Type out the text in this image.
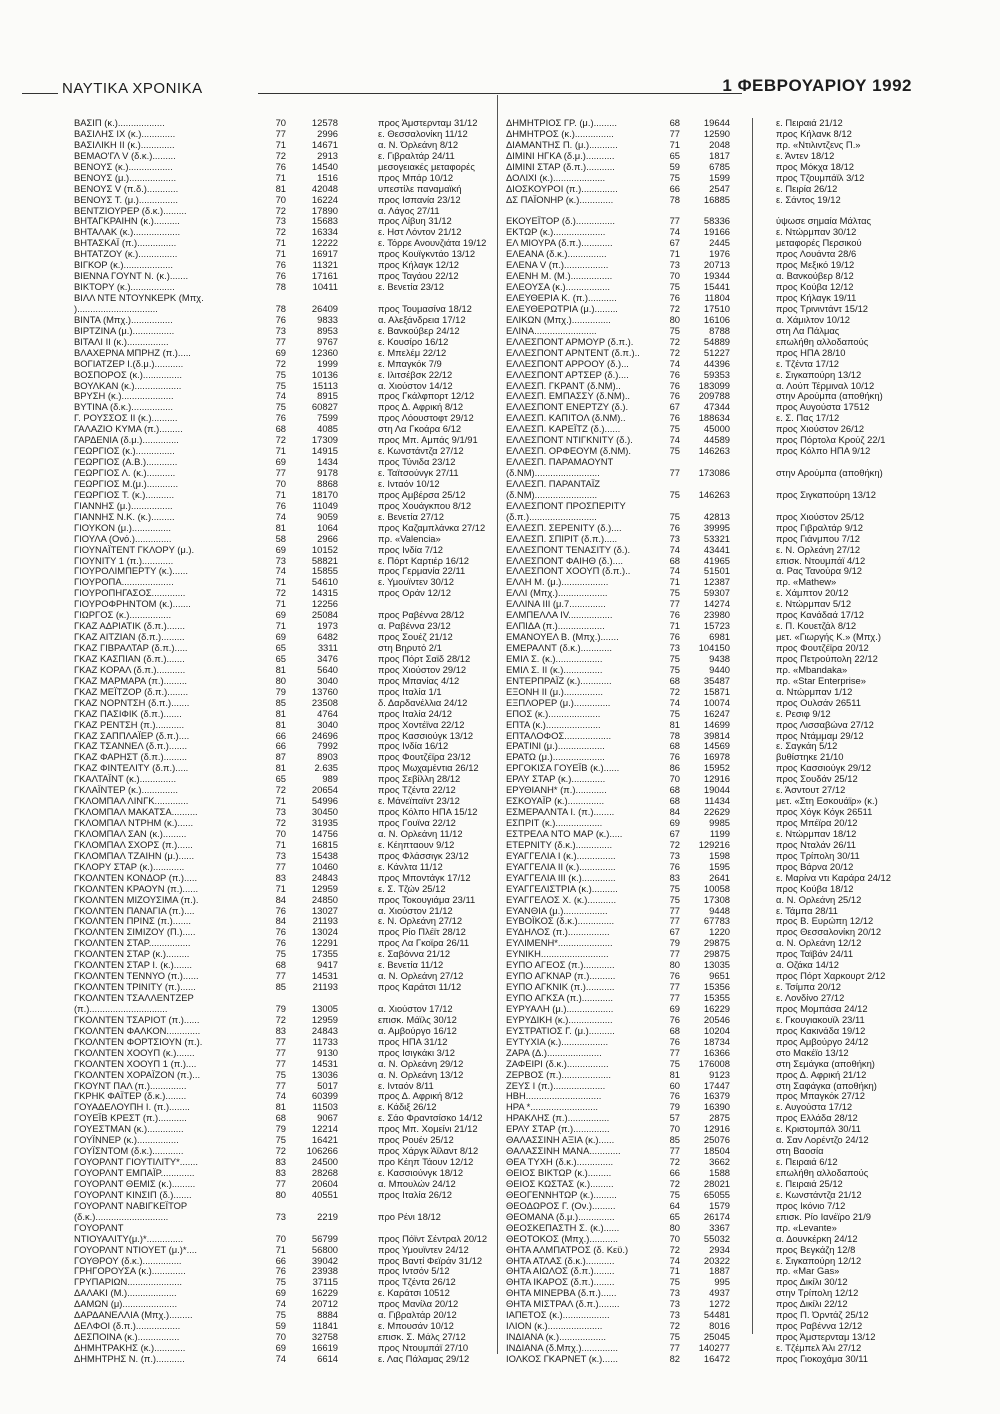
ΝΑΥΤΙΚΑ ΧΡΟΝΙΚΑ	1 ΦΕΒΡΟΥΑΡΙΟΥ 1992
ΒΑΣΙΠ (κ.)..................	70	12578	προς Άμστερνταμ 31/12
ΒΑΣΙΛΗΣ ΙΧ (κ.).............	77	2996	ε. Θεσσαλονίκη 11/12
ΒΑΣΙΛΙΚΗ ΙΙ (κ.).............	71	14671	α. Ν. Όρλεάνη 8/12
ΒΕΜΑΟ'ΓΛ V (δ.κ.).........	72	2913	ε. Γιβραλτάρ 24/11
ΒΕΝΟΥΣ (κ.).................	76	14540	μεσογειακές μεταφορές
ΒΕΝΟΥΣ (μ.)..................	71	1516	προς Μπάρ 10/12
ΒΕΝΟΥΣ V (π.δ.)............	81	42048	υπεστίλε παναμαϊκή
ΒΕΝΟΥΣ Τ. (μ.)...............	70	16224	προς Ισπανία 23/12
ΒΕΝΤΖΙΟΥΡΕΡ (δ.κ.).........	72	17890	α. Λάγος 27/11
ΒΗΤΑΓΚΡΑΙΗΝ (κ.)..........	73	15683	προς Λίβυη 31/12
ΒΗΤΑΛΑΚ (κ.)..................	72	16334	ε. Ηστ Λόντον 21/12
ΒΗΤΑΣΚΑΪ (π.)...............	71	12222	ε. Τόρρε Ανουνζιάτα 19/12
ΒΗΤΑΤΖΟΥ (κ.)...............	71	16917	προς Κουϊγκντάο 13/12
ΒΙΓΚΟΡ (κ.)...................	76	11321	προς Κήλαγκ 12/12
ΒΙΕΝΝΑ ΓΟΥΝΤ Ν. (κ.).......	76	17161	προς Ταγάου 22/12
ΒΙΚΤΟΡΥ (κ.).................	78	10411	ε. Βενετία 23/12
ΒΙΛΛ ΝΤΕ ΝΤΟΥΝΚΕΡΚ (Μπχ.
)...............................	78	26409	προς Τουμασίνα 18/12
ΒΙΝΤΑ (Μπχ.)................	76	9833	α. Αλεξάνδρεια 17/12
ΒΙΡΤΖΙΝΑ (μ.)................	73	8953	ε. Βανκούβερ 24/12
ΒΙΤΑΛΙ ΙΙ (κ.)................	77	9767	ε. Κουσίρο 16/12
ΒΛΑΧΕΡΝΑ ΜΠΡΗΖ (π.).....	69	12360	ε. Μπελέμ 22/12
ΒΟΓΙΑΤΖΕΡ Ι.(δ.μ.)...........	72	1999	ε. Μπαγκόκ 7/9
ΒΟΣΠΟΡΟΣ (κ.)...............	75	10136	ε. Ιλιτσέβσκ 22/12
ΒΟΥΛΚΑΝ (κ.)..................	75	15113	α. Χιούστον 14/12
ΒΡΥΣΗ (κ.)....................	74	8915	προς Γκάλφπορτ 12/12
ΒΥΤΙΝΑ (δ.κ.)................	75	60827	προς Δ. Αφρική 8/12
Γ. ΡΟΥΣΣΟΣ ΙΙ (κ.)..........	76	7599	προς Λόουστοφτ 29/12
ΓΑΛΑΖΙΟ ΚΥΜΑ (π.).........	68	4085	στη Λα Γκοάρα 6/12
ΓΑΡΔΕΝΙΑ (δ.μ.)..............	72	17309	προς Μπ. Αμπάς 9/1/91
ΓΕΩΡΓΙΟΣ (κ.)...............	71	14915	ε. Κωνστάντζα 27/12
ΓΕΩΡΓΙΟΣ (Α.Β.)............	69	1434	προς Τύνιδα 23/12
ΓΕΩΡΓΙΟΣ Λ. (κ.)...........	77	9178	ε. Ταϊτσούνγκ 27/11
ΓΕΩΡΓΙΟΣ Μ.(μ.)............	70	8868	ε. Ινταόν 10/12
ΓΕΩΡΓΙΟΣ Τ. (κ.)...........	71	18170	προς Αμβέρσα 25/12
ΓΙΑΝΝΗΣ (μ.)................	76	11049	προς Χουάγκπου 8/12
ΓΙΑΝΝΗΣ Ν.Κ. (κ.).........	74	9059	ε. Βενετία 27/12
ΓΙΟΥΚΟΝ (μ.)...............	81	1064	προς Καζαμπλάνκα 27/12
ΓΙΟΥΛΑ (Ονό.)..............	58	2966	πρ. «Valencia»
ΓΙΟΥΝΑΪΤΕΝΤ ΓΚΛΟΡΥ (μ.).	69	10152	προς Ινδία 7/12
ΓΙΟΥΝΙΤΥ 1 (π.)............	73	58821	ε. Πόρτ Καρτιέρ 16/12
ΓΙΟΥΡΟΛΙΜΠΕΡΤΥ (κ.)......	74	15855	προς Γερμανία 22/11
ΓΙΟΥΡΟΠΑ....................	71	54610	ε. Υμουϊντεν 30/12
ΓΙΟΥΡΟΠΗΓΑΣΟΣ.............	72	14315	προς Οράν 12/12
ΓΙΟΥΡΟΦΡΗΝΤΟΜ (κ.).......	71	12256
ΓΙΩΡΓΟΣ (κ.)................	69	25084	προς Ραβέννα 28/12
ΓΚΑΖ ΑΔΡΙΑΤΙΚ (δ.π.).......	71	1973	α. Ραβέννα 23/12
ΓΚΑΖ ΑΙΤΖΙΑΝ (δ.π.).........	69	6482	προς Σουέζ 21/12
ΓΚΑΖ ΓΙΒΡΑΛΤΑΡ (δ.π.).....	65	3311	στη Βηρυτό 2/1
ΓΚΑΖ ΚΑΣΠΙΑΝ (δ.π.).......	65	3476	προς Πόρτ Σαϊδ 28/12
ΓΚΑΖ ΚΟΡΑΛ (δ.π.)...........	81	5640	προς Χιούστον 29/12
ΓΚΑΖ ΜΑΡΜΑΡΑ (π.).........	80	3040	προς Μπανίας 4/12
ΓΚΑΖ ΜΕΪΤΖΟΡ (δ.π.)........	79	13760	προς Ιταλία 1/1
ΓΚΑΖ ΝΟΡΝΤΣΗ (δ.π.).......	85	23508	δ. Δαρδανέλλια 24/12
ΓΚΑΖ ΠΑΣΙΦΙΚ (δ.π.).......	81	4764	προς Ιταλία 24/12
ΓΚΑΖ ΡΕΝΤΣΗ (π.)...........	81	3040	προς Χοντέϊνα 22/12
ΓΚΑΖ ΣΑΠΠΛΑΪΕΡ (δ.π.)....	66	24696	προς Κασσιούγκ 13/12
ΓΚΑΖ ΤΣΑΝΝΕΛ (δ.π.).......	66	7992	προς Ινδία 16/12
ΓΚΑΖ ΦΑΡΗΣΤ (δ.π.).........	87	8903	προς Φουτζέϊρα 23/12
ΓΚΑΖ ΦΙΝΤΕΛΙΤΥ (δ.π.).....	81	2.635	προς Μωχαμέντια 26/12
ΓΚΑΛΤΑΪΝΤ (κ.)..............	65	989	προς Σεβίλλη 28/12
ΓΚΛΑΪΝΤΕΡ (κ.)..............	72	20654	προς Τζέντα 22/12
ΓΚΛΟΜΠΑΛ ΛΙΝΓΚ.............	71	54996	ε. Μάνεϊπαϊντ 23/12
ΓΚΛΟΜΠΑΛ ΜΑΚΑΤΣΑ..........	73	30450	προς Κόλπο ΗΠΑ 15/12
ΓΚΛΟΜΠΑΛ ΝΤΡΗΜ (κ.)......	72	31935	προς Γουϊνα 22/12
ΓΚΛΟΜΠΑΛ ΣΑΝ (κ.).........	70	14756	α. Ν. Ορλεάνη 11/12
ΓΚΛΟΜΠΑΛ ΣΧΟΡΣ (π.)......	71	16815	ε. Κέηπταουν 9/12
ΓΚΛΟΜΠΑΛ ΤΖΑΙΗΝ (μ.)......	73	15438	προς Φλάσσιγκ 23/12
ΓΚΛΟΡΥ ΣΤΑΡ (κ.)............	77	10460	ε. Κάνλτα 11/12
ΓΚΟΛΝΤΕΝ ΚΟΝΔΟΡ (π.).....	83	24843	προς Μποντάγκ 17/12
ΓΚΟΛΝΤΕΝ ΚΡΑΟΥΝ (π.)......	71	12959	ε. Σ. Τζών 25/12
ΓΚΟΛΝΤΕΝ ΜΙΖΟΥΣΙΜΑ (π.).	84	24850	προς Τοκουγιάμα 23/11
ΓΚΟΛΝΤΕΝ ΠΑΝΑΓΙΑ (π.)....	76	13027	α. Χιούστον 21/12
ΓΚΟΛΝΤΕΝ ΠΡΙΝΣ (π.).......	84	21193	ε. Ν. Ορλεάνη 27/12
ΓΚΟΛΝΤΕΝ ΣΙΜΙΖΟΥ (Π.).....	76	13024	προς Ρίο Πλέϊτ 28/12
ΓΚΟΛΝΤΕΝ ΣΤΑΡ................	76	12291	προς Λα Γκοϊρα 26/11
ΓΚΟΛΝΤΕΝ ΣΤΑΡ (κ.).........	75	17355	ε. Σαβόννα 21/12
ΓΚΟΛΝΤΕΝ ΣΤΑΡ Ι. (κ.).......	68	9417	ε. Βενετία 11/12
ΓΚΟΛΝΤΕΝ ΤΕΝΝΥΟ (π.)......	77	14531	α. Ν. Ορλεάνη 27/12
ΓΚΟΛΝΤΕΝ ΤΡΙΝΙΤΥ (π.)......	85	21193	προς Καράτσι 11/12
ΓΚΟΛΝΤΕΝ ΤΣΑΛΛΕΝΤΖΕΡ
(π.)..............................	79	13005	α. Χιούστον 17/12
ΓΚΟΛΝΤΕΝ ΤΣΑΡΙΟΤ (π.)......	72	12959	επισκ. Μάϊλς 30/12
ΓΚΟΛΝΤΕΝ ΦΑΛΚΟΝ.............	83	24843	α. Αμβούργο 16/12
ΓΚΟΛΝΤΕΝ ΦΟΡΤΣΙΟΥΝ (π.).	77	11733	προς ΗΠΑ 31/12
ΓΚΟΛΝΤΕΝ ΧΟΟΥΠ (κ.).......	77	9130	προς Ισιγκάκι 3/12
ΓΚΟΛΝΤΕΝ ΧΟΟΥΠ 1 (π.)....	77	14531	α. Ν. Ορλεάνη 29/12
ΓΚΟΛΝΤΕΝ ΧΟΡΑΪΖΟΝ (π.)...	75	13036	α. Ν. Ορλεάνη 13/12
ΓΚΟΥΝΤ ΠΑΛ (π.)..............	77	5017	ε. Ινταόν 8/11
ΓΚΡΗΚ ΦΑΪΤΕΡ (δ.κ.)........	74	60399	προς Δ. Αφρική 8/12
ΓΟΥΑΔΕΛΟΥΠΗ Ι. (π.)........	81	11503	ε. Κάδιξ 26/12
ΓΟΥΕΪΒ ΚΡΕΣΤ (π.)...........	68	9067	ε. Σάο Φραντσίσκο 14/12
ΓΟΥΕΣΤΜΑΝ (κ.)..............	79	12214	προς Μπ. Χομείνι 21/12
ΓΟΥΪΝΝΕΡ (κ.)................	75	16421	προς Ρουέν 25/12
ΓΟΥΪΣΝΤΟΜ (δ.κ.)............	72	106266	προς Χάργκ Άϊλαντ 8/12
ΓΟΥΟΡΛΝΤ ΓΙΟΥΤΙΛΙΤΥ*.......	83	24500	προ Κέηπ Τάουν 12/12
ΓΟΥΟΡΛΝΤ ΕΜΠΑΪΡ.............	83	28268	ε. Κασσιούνγκ 18/12
ΓΟΥΟΡΛΝΤ ΘΕΜΙΣ (κ.).........	77	20604	α. Μπουλών 24/12
ΓΟΥΟΡΛΝΤ ΚΙΝΣΙΠ (δ.).......	80	40551	προς Ιταλία 26/12
ΓΟΥΟΡΛΝΤ ΝΑΒΙΓΚΕΪΤΟΡ
(δ.κ.)............................	73	2219	προ Ρένι 18/12
ΓΟΥΟΡΛΝΤ
ΝΤΙΟΥΑΛΙΤΥ(μ.)*..............	70	56799	προς Πόϊντ Σέντραλ 20/12
ΓΟΥΟΡΛΝΤ ΝΤΙΟΥΕΤ (μ.)*....	71	56800	προς Υμουϊντεν 24/12
ΓΟΥΘΡΟΥ (δ.κ.)...............	66	39042	προς Βαντί Φεϊράν 31/12
ΓΡΗΓΟΡΟΥΣΑ (κ.).............	76	23938	προς Ιντσόν 5/12
ΓΡΥΠΑΡΙΩΝ.....................	75	37115	προς Τζέντα 26/12
ΔΑΛΑΚΙ (Μ.)...................	69	16229	ε. Καράτσι 10512
ΔΑΜΩΝ (μ).....................	74	20712	προς Μανίλα 20/12
ΔΑΡΔΑΝΕΛΛΙΑ (Μπχ.).........	75	8884	α. Γιβραλτάρ 20/12
ΔΕΛΦΟΙ (δ.π.).................	59	11841	ε. Μπουσάν 10/12
ΔΕΣΠΟΙΝΑ (κ.)................	70	32758	επισκ. Σ. Μάλς 27/12
ΔΗΜΗΤΡΑΚΗΣ (κ.)............	69	16619	προς Ντουμπάϊ 27/10
ΔΗΜΗΤΡΗΣ Ν. (π.)...........	74	6614	ε. Λας Πάλαμας 29/12
ΔΗΜΗΤΡΙΟΣ ΓΡ. (μ.).........	68	19644	ε. Πειραιά 21/12
ΔΗΜΗΤΡΟΣ (κ.)...............	77	12590	προς Κήλανκ 8/12
ΔΙΑΜΑΝΤΗΣ Π. (μ.)...........	71	2048	πρ. «Ντιλιντζενς Π.»
ΔΙΜΙΝΙ ΗΓΚΑ (δ.μ.)...........	65	1817	ε. Άντεν 18/12
ΔΙΜΙΝΙ ΣΤΑΡ (δ.π.)...........	59	6785	προς Μόκχα 18/12
ΔΟΛΙΧΙ (κ.)....................	75	1599	προς Τζουμπάϊλ 3/12
ΔΙΟΣΚΟΥΡΟΙ (π.)..............	66	2547	ε. Πειρία 26/12
ΔΣ ΠΑΪΟΝΗΡ (κ.).............	78	16885	ε. Σάντος 19/12
ΕΚΟΥΕΪΤΟΡ (δ.)...............	77	58336	ύψωσε σημαία Μάλτας
ΕΚΤΩΡ (κ.)....................	74	19166	ε. Ντώρμπαν 30/12
ΕΛ ΜΙΟΥΡΑ (δ.π.)............	67	2445	μεταφορές Περσικού
ΕΛΕΑΝΑ (δ.κ.)...............	71	1976	προς Λουάντα 28/6
ΕΛΕΝΑ V (π.).................	73	20713	προς Μεξικό 19/12
ΕΛΕΝΗ Μ. (Μ.)................	70	19344	α. Βανκούβερ 8/12
ΕΛΕΟΥΣΑ (κ.).................	75	15441	προς Κούβα 12/12
ΕΛΕΥΘΕΡΙΑ Κ. (π.)...........	76	11804	προς Κήλαγκ 19/11
ΕΛΕΥΘΕΡΩΤΡΙΑ (μ.).........	72	17510	προς Τρινιντάντ 15/12
ΕΛΙΚΩΝ (Μπχ.)...............	80	16106	α. Χάμιλτον 10/12
ΕΛΙΝΑ........................	75	8788	στη Λα Πάλμας
ΕΛΛΕΣΠΟΝΤ ΑΡΜΟΥΡ (δ.π.).	72	54889	επωλήθη αλλοδαπούς
ΕΛΛΕΣΠΟΝΤ ΑΡΝΤΕΝΤ (δ.π.)..	72	51227	προς ΗΠΑ 28/10
ΕΛΛΕΣΠΟΝΤ ΑΡΡΟΟΥ (δ.)...	74	44396	ε. Τζέντα 17/12
ΕΛΛΕΣΠΟΝΤ ΑΡΤΣΕΡ (δ.)....	76	59353	ε. Σιγκαπούρη 13/12
ΕΛΛΕΣΠ. ΓΚΡΑΝΤ (δ.ΝΜ)..	76	183099	α. Λούπ Τέρμιναλ 10/12
ΕΛΛΕΣΠ. ΕΜΠΑΣΣΥ (δ.ΝΜ)..	76	209788	στην Αρούμπα (αποθήκη)
ΕΛΛΕΣΠΟΝΤ ΕΝΕΡΤΖΥ (δ.).	67	47344	προς Αυγούστα 17512
ΕΛΛΕΣΠ. ΚΑΠΙΤΟΛ (δ.ΝΜ)..	76	188634	ε. Σ. Πας 17/12
ΕΛΛΕΣΠ. ΚΑΡΕΪΤΖ (δ.)......	75	45000	προς Χιούστον 26/12
ΕΛΛΕΣΠΟΝΤ ΝΤΙΓΚΝΙΤΥ (δ.).	74	44589	προς Πόρτολα Κρούζ 22/1
ΕΛΛΕΣΠ. ΟΡΦΕΟΥΜ (δ.ΝΜ).	75	146263	προς Κόλπο ΗΠΑ 9/12
ΕΛΛΕΣΠ. ΠΑΡΑΜΑΟΥΝΤ
(δ.ΝΜ).........................	77	173086	στην Αρούμπα (αποθήκη)
ΕΛΛΕΣΠ. ΠΑΡΑΝΤΑΪΖ
(δ.ΝΜ)........................	75	146263	προς Σιγκαπούρη 13/12
ΕΛΛΕΣΠΟΝΤ ΠΡΟΣΠΕΡΙΤΥ
(δ.π.)..........................	75	42813	προς Χιούστον 25/12
ΕΛΛΕΣΠ. ΣΕΡΕΝΙΤΥ (δ.)....	76	39995	προς Γιβραλτάρ 9/12
ΕΛΛΕΣΠ. ΣΠΙΡΙΤ (δ.π.).....	73	53321	προς Γιάνμπου 7/12
ΕΛΛΕΣΠΟΝΤ ΤΕΝΑΣΙΤΥ (δ.).	74	43441	ε. Ν. Ορλεάνη 27/12
ΕΛΛΕΣΠΟΝΤ ΦΑΙΗΘ (δ.)....	68	41965	επισκ. Ντουμπάϊ 4/12
ΕΛΛΕΣΠΟΝΤ ΧΟΟΥΠ (δ.π.)..	74	51501	α. Ρας Τανούρα 9/12
ΕΛΛΗ Μ. (μ.)..................	71	12387	πρ. «Mathew»
ΕΛΛΙ (Μπχ.)...................	75	59307	ε. Χάμπτον 20/12
ΕΛΛΙΝΑ ΙΙΙ (μ.7..............	77	14274	ε. Ντώρμπαν 5/12
ΕΛΜΠΕΛΛΑ ΙV.................	76	23980	προς Κανάδαά 17/12
ΕΛΠΙΔΑ (π.)..................	71	15723	ε. Π. Κουετζάλ 8/12
ΕΜΑΝΟΥΕΛ Β. (Μπχ.).......	76	6981	μετ. «Γιωργής Κ.» (Μπχ.)
ΕΜΕΡΑΛΝΤ (δ.κ.)............	73	104150	προς Φουτζέϊρα 20/12
ΕΜΙΛ Σ. (κ.)..................	75	9438	προς Πετρούπολη 22/12
ΕΜΙΛ Σ. ΙΙ (κ.)...............	75	9440	πρ. «Mbandaka»
ΕΝΤΕΡΠΡΑΪΖ (κ.)............	68	35487	πρ. «Star Enterprise»
ΕΞΟΝΗ ΙΙ (μ.)...............	72	15871	α. Ντώρμπαν 1/12
ΕΞΠΛΟΡΕΡ (μ.)..............	74	10074	προς Ουλσάν 26511
ΕΠΟΣ (κ.)....................	75	16247	ε. Ρεσιφ 9/12
ΕΠΤΑ (κ.).....................	81	14699	προς Λισσαβώνα 27/12
ΕΠΤΑΛΟΦΟΣ..................	78	39814	προς Ντάμμαμ 29/12
ΕΡΑΤΙΝΙ (μ.)..................	68	14569	ε. Σαγκάη 5/12
ΕΡΑΤΩ (μ.)....................	76	16978	βυθίστηκε 21/10
ΕΡΓΟΚΙΣΑ ΓΟΥΕΪΒ (κ.)......	86	15952	προς Κασσιούγκ 29/12
ΕΡΛΥ ΣΤΑΡ (κ.).............	70	12916	προς Σουδάν 25/12
ΕΡΥΘΙΑΝΗ* (π.)............	68	19044	ε. Άσντουτ 27/12
ΕΣΚΟΥΑΪΡ (κ.)..............	68	11434	μετ. «Στη Εσκουάϊρ» (κ.)
ΕΣΜΕΡΑΛΝΤΑ Ι. (π.)........	84	22629	προς Χόγκ Κόγκ 26511
ΕΣΠΡΙΤ (κ.)..................	69	9985	προς Μπέϊρα 20/12
ΕΣΤΡΕΛΑ ΝΤΟ ΜΑΡ (κ.).....	67	1199	ε. Ντώρμπαν 18/12
ΕΤΕΡΝΙΤΥ (δ.κ.)..............	72	129216	προς Νταλάν 26/11
ΕΥΑΓΓΕΛΙΑ Ι (κ.)...............	73	1598	προς Τρίπολη 30/11
ΕΥΑΓΓΕΛΙΑ ΙΙ (κ.)..............	76	1595	προς Βάρνα 20/12
ΕΥΑΓΓΕΛΙΑ ΙΙΙ (κ.).............	83	2641	ε. Μαρίνα ντι Καράρα 24/12
ΕΥΑΓΓΕΛΙΣΤΡΙΑ (κ.)..........	75	10058	προς Κούβα 18/12
ΕΥΑΓΓΕΛΟΣ Χ. (κ.)...........	75	17308	α. Ν. Ορλεάνη 25/12
ΕΥΑΝΘΙΑ (μ.).................	77	9448	ε. Τάμπα 28/11
ΕΥΒΟΪΚΟΣ (δ.κ.)..............	77	67783	προς Β. Ευρώπη 12/12
ΕΥΔΗΛΟΣ (π.)................	67	1220	προς Θεσσαλονίκη 20/12
ΕΥΛΙΜΕΝΗ*.....................	79	29875	α. Ν. Ορλεάνη 12/12
ΕΥΝΙΚΗ..........................	77	29875	προς Ταϊβάν 24/11
ΕΥΠΟ ΑΓΕΟΣ (π.)............	80	13035	α. Οζάκα 14/12
ΕΥΠΟ ΑΓΚΝΑΡ (π.)..........	76	9651	προς Πόρτ Χαρκουρτ 2/12
ΕΥΠΟ ΑΓΚΝΙΚ (π.)...........	77	15356	ε. Τσίμπα 20/12
ΕΥΠΟ ΑΓΚΣΑ (π.)............	77	15355	ε. Λονδίνο 27/12
ΕΥΡΥΑΛΗ (μ.)..................	69	16229	προς Μομπάσα 24/12
ΕΥΡΥΔΙΚΗ (κ.).................	76	20546	ε. Γκουγιακουϊλ 23/11
ΕΥΣΤΡΑΤΙΟΣ Γ. (μ.)..........	68	10204	προς Κακινάδα 19/12
ΕΥΤΥΧΙΑ (κ.)..................	76	18734	προς Αμβούργο 24/12
ΖΑΡΑ (Δ.).....................	77	16366	στο Μακέϊο 13/12
ΖΑΦΕΙΡΙ (δ.κ.)................	75	176008	στη Σεμάγκα (αποθήκη)
ΖΕΡΒΟΣ (π.)...................	81	9123	προς Δ. Αφρική 21/12
ΖΕΥΣ Ι (π.)....................	60	17447	στη Σαφάγκα (αποθήκη)
ΗΒΗ.............................	76	16379	προς Μπαγκόκ 27/12
ΗΡΑ *..........................	79	16390	ε. Αυγούστα 17/12
ΗΡΑΚΛΗΣ (π.)................	57	2875	προς Ελλάδα 28/12
ΕΡΛΥ ΣΤΑΡ (π.)..............	70	12916	ε. Κριστομπάλ 30/11
ΘΑΛΑΣΣΙΝΗ ΑΞΙΑ (κ.)......	85	25076	α. Σαν Λορέντζο 24/12
ΘΑΛΑΣΣΙΝΗ ΜΑΝΑ............	77	18504	στη Βαοσία
ΘΕΑ ΤΥΧΗ (δ.κ.)..............	72	3662	ε. Πειραιά 6/12
ΘΕΙΟΣ ΒΙΚΤΩΡ (κ.).........	66	1588	επωλήθη αλλοδαπούς
ΘΕΙΟΣ ΚΩΣΤΑΣ (κ.).........	72	28021	ε. Πειραιά 25/12
ΘΕΟΓΕΝΝΗΤΩΡ (κ.).........	75	65055	ε. Κωνστάντζα 21/12
ΘΕΟΔΩΡΟΣ Γ. (Ον.).........	64	1579	προς Ικόνιο 7/12
ΘΕΟΜΑΝΑ (δ.μ.)..............	65	26174	επισκ. Ρίο Ιανέϊρο 21/9
ΘΕΟΣΚΕΠΑΣΤΗ Σ. (κ.)......	80	3367	πρ. «Levante»
ΘΕΟΤΟΚΟΣ (Μπχ.)...........	70	55032	α. Δουνκέρκη 24/12
ΘΗΤΑ ΑΛΜΠΑΤΡΟΣ (δ. Κεϋ.)	72	2934	προς Βεγκάζη 12/8
ΘΗΤΑ ΑΤΛΑΣ (δ.κ.)...........	74	20322	ε. Σιγκαπούρη 12/12
ΘΗΤΑ ΑΙΩΛΟΣ (δ.π.)........	71	1887	πρ. «Mar Gas»
ΘΗΤΑ ΙΚΑΡΟΣ (δ.π.)........	75	995	προς Δικίλι 30/12
ΘΗΤΑ ΜΙΝΕΡΒΑ (δ.π.)......	73	4937	στην Τρίπολη 12/12
ΘΗΤΑ ΜΙΣΤΡΑΛ (δ.π.)........	73	1272	προς Δικίλι 22/12
ΙΑΠΕΤΟΣ (κ.)..................	73	54481	προς Π. Όρντάζ 25/12
ΙΛΙΟΝ (κ.).....................	72	8016	προς Ραβέννα 12/12
ΙΝΔΙΑΝΑ (κ.)..................	75	25045	προς Άμστερνταμ 13/12
ΙΝΔΙΑΝΑ (δ.Μπχ.)..............	77	140277	ε. Τζέμπελ Άλι 27/12
ΙΟΛΚΟΣ ΓΚΑΡΝΕΤ (κ.)......	82	16472	προς Γιοκοχάμα 30/11
